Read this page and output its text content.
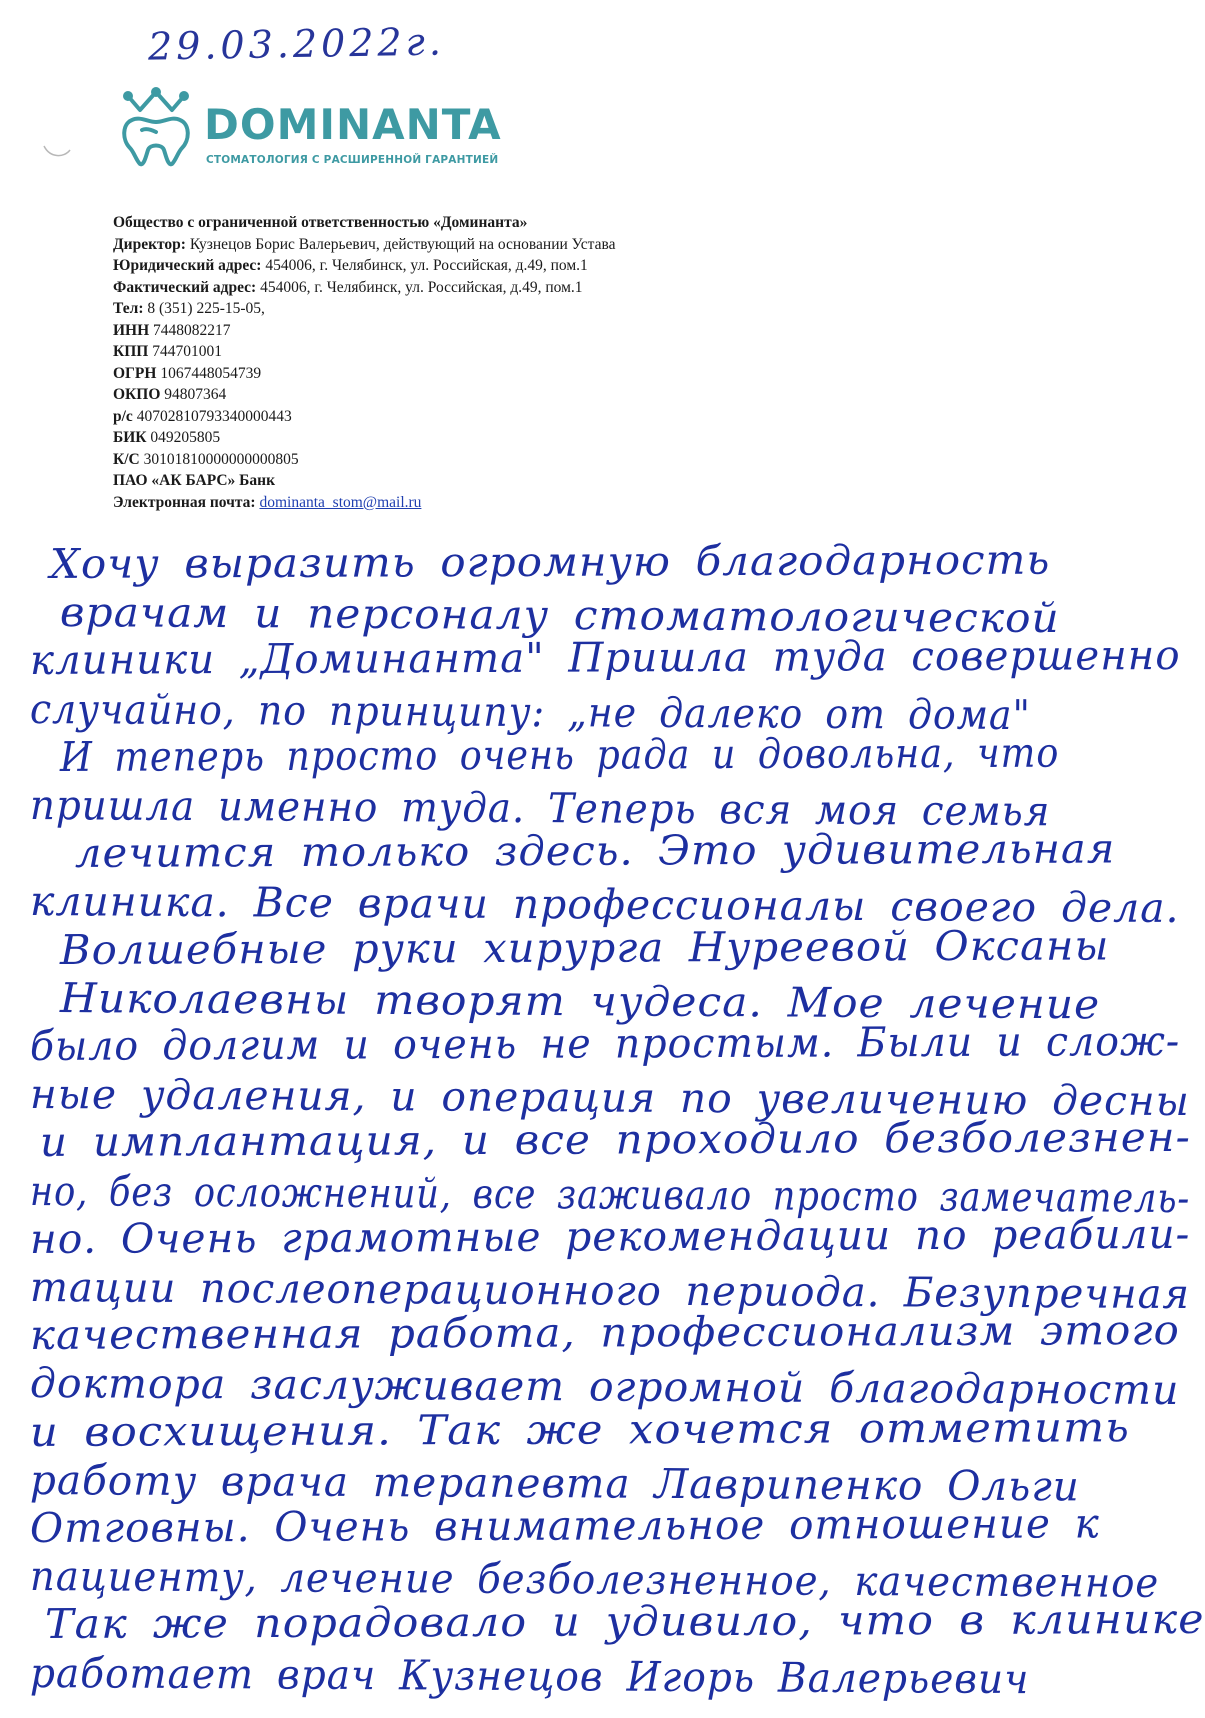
29.03.2022г.
DOMINANTA
СТОМАТОЛОГИЯ С РАСШИРЕННОЙ ГАРАНТИЕЙ
Общество с ограниченной ответственностью «Доминанта»
Директор: Кузнецов Борис Валерьевич, действующий на основании Устава
Юридический адрес: 454006, г. Челябинск, ул. Российская, д.49, пом.1
Фактический адрес: 454006, г. Челябинск, ул. Российская, д.49, пом.1
Тел: 8 (351) 225-15-05,
ИНН 7448082217
КПП 744701001
ОГРН 1067448054739
ОКПО 94807364
р/с 40702810793340000443
БИК 049205805
К/С 30101810000000000805
ПАО «АК БАРС» Банк
Электронная почта: dominanta_stom@mail.ru
Хочу выразить огромную благодарность
врачам и персоналу стоматологической
клиники „Доминанта" Пришла туда совершенно
случайно, по принципу: „не далеко от дома"
И теперь просто очень рада и довольна, что
пришла именно туда. Теперь вся моя семья
лечится только здесь. Это удивительная
клиника. Все врачи профессионалы своего дела.
Волшебные руки хирурга Нуреевой Оксаны
Николаевны творят чудеса. Мое лечение
было долгим и очень не простым. Были и слож-
ные удаления, и операция по увеличению десны
и имплантация, и все проходило безболезнен-
но, без осложнений, все заживало просто замечатель-
но. Очень грамотные рекомендации по реабили-
тации послеоперационного периода. Безупречная
качественная работа, профессионализм этого
доктора заслуживает огромной благодарности
и восхищения. Так же хочется отметить
работу врача терапевта Лаврипенко Ольги
Отговны. Очень внимательное отношение к
пациенту, лечение безболезненное, качественное
Так же порадовало и удивило, что в клинике
работает врач Кузнецов Игорь Валерьевич
